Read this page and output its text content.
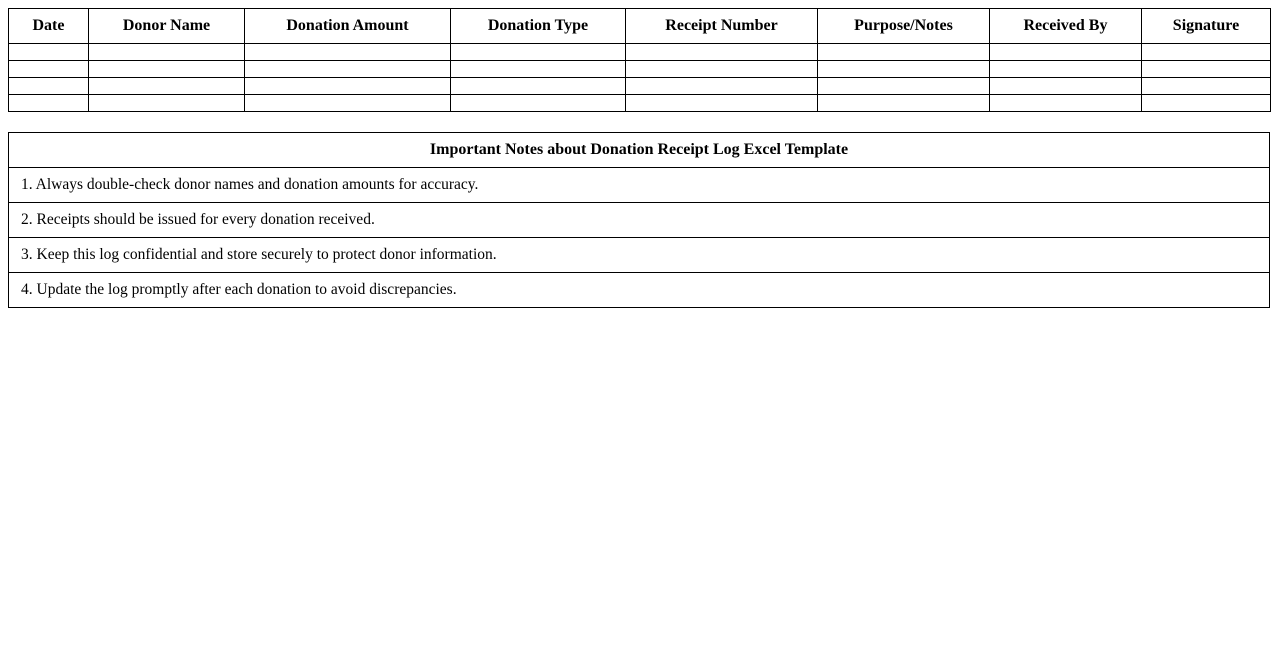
Date	Donor Name	Donation Amount	Donation Type	Receipt Number	Purpose/Notes	Received By	Signature

Important Notes about Donation Receipt Log Excel Template
1. Always double-check donor names and donation amounts for accuracy.
2. Receipts should be issued for every donation received.
3. Keep this log confidential and store securely to protect donor information.
4. Update the log promptly after each donation to avoid discrepancies.
